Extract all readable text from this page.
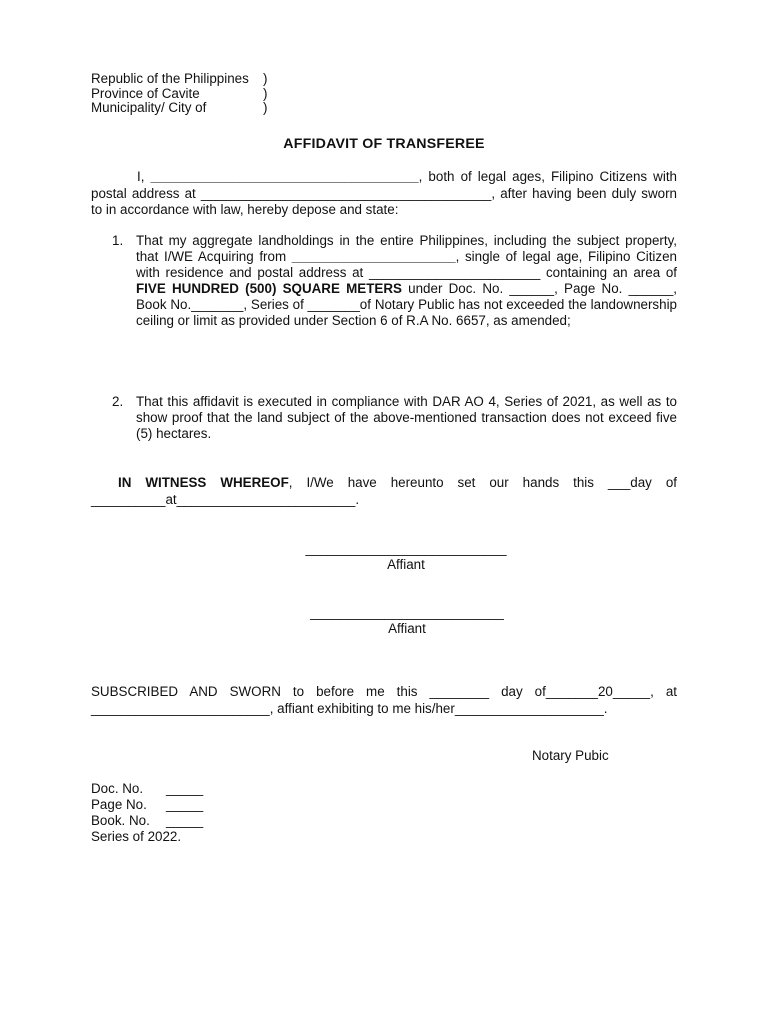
Republic of the Philippines	)
Province of Cavite	)
Municipality/ City of	)
AFFIDAVIT OF TRANSFEREE
I, ____________________________________, both of legal ages, Filipino Citizens with postal address at _______________________________________, after having been duly sworn to in accordance with law, hereby depose and state:
1. That my aggregate landholdings in the entire Philippines, including the subject property, that I/WE Acquiring from ______________________, single of legal age, Filipino Citizen with residence and postal address at _______________________ containing an area of FIVE HUNDRED (500) SQUARE METERS under Doc. No. ______, Page No. ______, Book No._______, Series of _______of Notary Public has not exceeded the landownership ceiling or limit as provided under Section 6 of R.A No. 6657, as amended;
2. That this affidavit is executed in compliance with DAR AO 4, Series of 2021, as well as to show proof that the land subject of the above-mentioned transaction does not exceed five (5) hectares.
IN WITNESS WHEREOF, I/We have hereunto set our hands this ___day of __________at________________________.
___________________________
Affiant
__________________________
Affiant
SUBSCRIBED AND SWORN to before me this ________ day of_______20_____, at ________________________, affiant exhibiting to me his/her____________________.
Notary Pubic
Doc. No.	_____
Page No.	_____
Book. No.	_____
Series of 2022.
